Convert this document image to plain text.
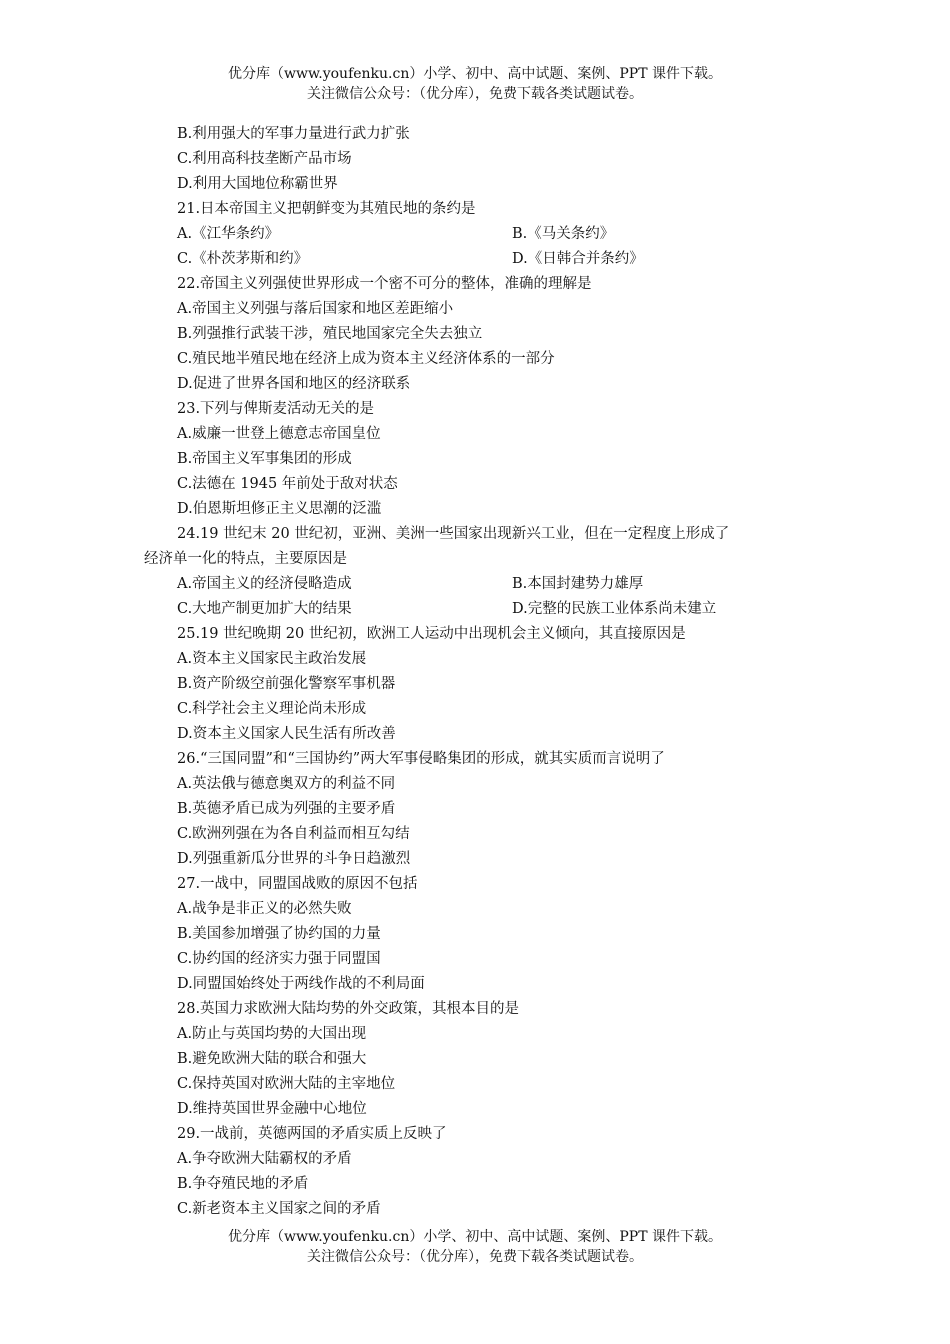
优分库（www.youfenku.cn）小学、初中、高中试题、案例、PPT 课件下载。
关注微信公众号：（优分库），免费下载各类试题试卷。
B.利用强大的军事力量进行武力扩张
C.利用高科技垄断产品市场
D.利用大国地位称霸世界
21.日本帝国主义把朝鲜变为其殖民地的条约是
A.《江华条约》	B.《马关条约》
C.《朴茨茅斯和约》	D.《日韩合并条约》
22.帝国主义列强使世界形成一个密不可分的整体，准确的理解是
A.帝国主义列强与落后国家和地区差距缩小
B.列强推行武装干涉，殖民地国家完全失去独立
C.殖民地半殖民地在经济上成为资本主义经济体系的一部分
D.促进了世界各国和地区的经济联系
23.下列与俾斯麦活动无关的是
A.威廉一世登上德意志帝国皇位
B.帝国主义军事集团的形成
C.法德在 1945 年前处于敌对状态
D.伯恩斯坦修正主义思潮的泛滥
24.19 世纪末 20 世纪初，亚洲、美洲一些国家出现新兴工业，但在一定程度上形成了
经济单一化的特点，主要原因是
A.帝国主义的经济侵略造成	B.本国封建势力雄厚
C.大地产制更加扩大的结果	D.完整的民族工业体系尚未建立
25.19 世纪晚期 20 世纪初，欧洲工人运动中出现机会主义倾向，其直接原因是
A.资本主义国家民主政治发展
B.资产阶级空前强化警察军事机器
C.科学社会主义理论尚未形成
D.资本主义国家人民生活有所改善
26.“三国同盟”和“三国协约”两大军事侵略集团的形成，就其实质而言说明了
A.英法俄与德意奥双方的利益不同
B.英德矛盾已成为列强的主要矛盾
C.欧洲列强在为各自利益而相互勾结
D.列强重新瓜分世界的斗争日趋激烈
27.一战中，同盟国战败的原因不包括
A.战争是非正义的必然失败
B.美国参加增强了协约国的力量
C.协约国的经济实力强于同盟国
D.同盟国始终处于两线作战的不利局面
28.英国力求欧洲大陆均势的外交政策，其根本目的是
A.防止与英国均势的大国出现
B.避免欧洲大陆的联合和强大
C.保持英国对欧洲大陆的主宰地位
D.维持英国世界金融中心地位
29.一战前，英德两国的矛盾实质上反映了
A.争夺欧洲大陆霸权的矛盾
B.争夺殖民地的矛盾
C.新老资本主义国家之间的矛盾
优分库（www.youfenku.cn）小学、初中、高中试题、案例、PPT 课件下载。
关注微信公众号：（优分库），免费下载各类试题试卷。
